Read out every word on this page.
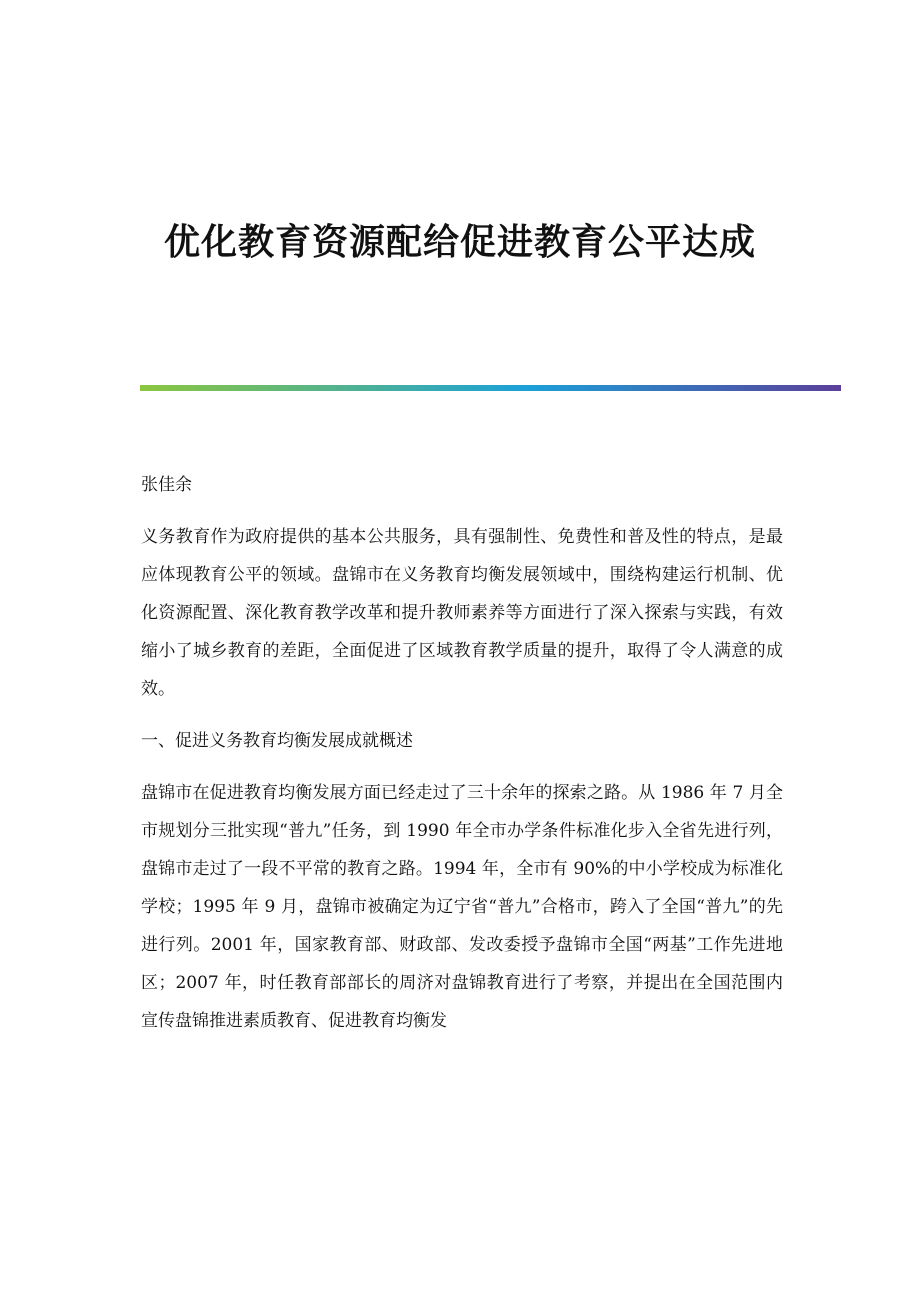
优化教育资源配给促进教育公平达成

张佳余

义务教育作为政府提供的基本公共服务，具有强制性、免费性和普及性的特点，是最应体现教育公平的领域。盘锦市在义务教育均衡发展领域中，围绕构建运行机制、优化资源配置、深化教育教学改革和提升教师素养等方面进行了深入探索与实践，有效缩小了城乡教育的差距，全面促进了区域教育教学质量的提升，取得了令人满意的成效。

一、促进义务教育均衡发展成就概述

盘锦市在促进教育均衡发展方面已经走过了三十余年的探索之路。从 1986 年 7 月全市规划分三批实现“普九”任务，到 1990 年全市办学条件标准化步入全省先进行列，盘锦市走过了一段不平常的教育之路。1994 年，全市有 90%的中小学校成为标准化学校；1995 年 9 月，盘锦市被确定为辽宁省“普九”合格市，跨入了全国“普九”的先进行列。2001 年，国家教育部、财政部、发改委授予盘锦市全国“两基”工作先进地区；2007 年，时任教育部部长的周济对盘锦教育进行了考察，并提出在全国范围内宣传盘锦推进素质教育、促进教育均衡发
